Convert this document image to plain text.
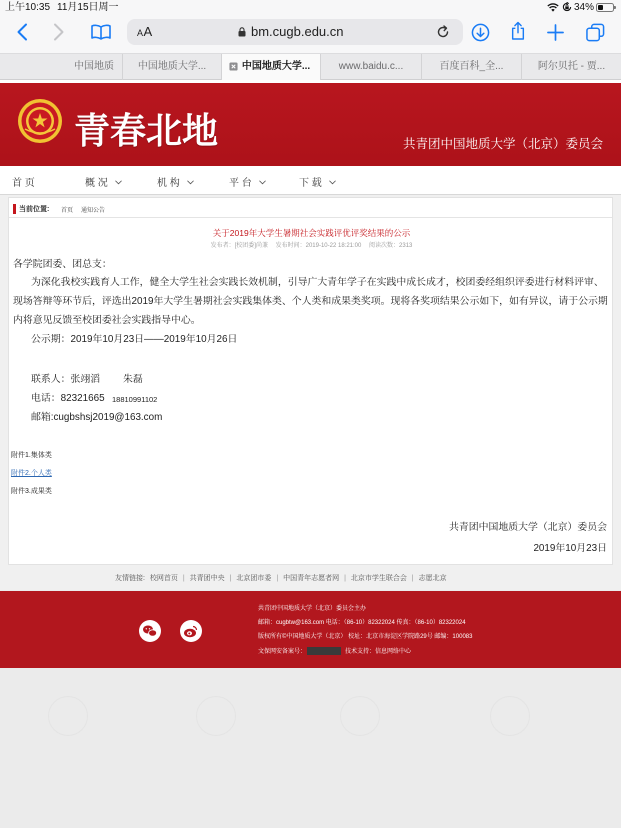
上午10:35 11月15日周一	34%
AA	bm.cugb.edu.cn
中国地质	中国地质大学...	中国地质大学...	www.baidu.c...	百度百科_全...	阿尔贝托 - 贾...
青春北地	共青团中国地质大学（北京）委员会
首 页	概 况	机 构	平 台	下 载
当前位置: 首页 通知公告
关于2019年大学生暑期社会实践评优评奖结果的公示
发布者：[校团委]尚兼 发布时间：2019-10-22 18:21:00 阅读次数：2313
各学院团委、团总支：
为深化我校实践育人工作，健全大学生社会实践长效机制，引导广大青年学子在实践中成长成才，校团委经组织评委进行材料评审、
现场答辩等环节后，评选出2019年大学生暑期社会实践集体类、个人类和成果类奖项。现将各奖项结果公示如下，如有异议，请于公示期
内将意见反馈至校团委社会实践指导中心。
公示期：2019年10月23日——2019年10月26日
联系人：张翊滔 朱磊
电话：82321665 18810991102
邮箱:cugbshsj2019@163.com
附件1.集体类
附件2.个人类
附件3.成果类
共青团中国地质大学（北京）委员会
2019年10月23日
友情链接: 校网首页 | 共青团中央 | 北京团市委 | 中国青年志愿者网 | 北京市学生联合会 | 志愿北京
共青团中国地质大学（北京）委员会主办
邮箱：cugbtw@163.com 电话：（86-10）82322024 传真：（86-10）82322024
版权所有©中国地质大学（北京） 校址：北京市海淀区学院路29号 邮编：100083
文保网安备案号：	技术支持：信息网络中心
